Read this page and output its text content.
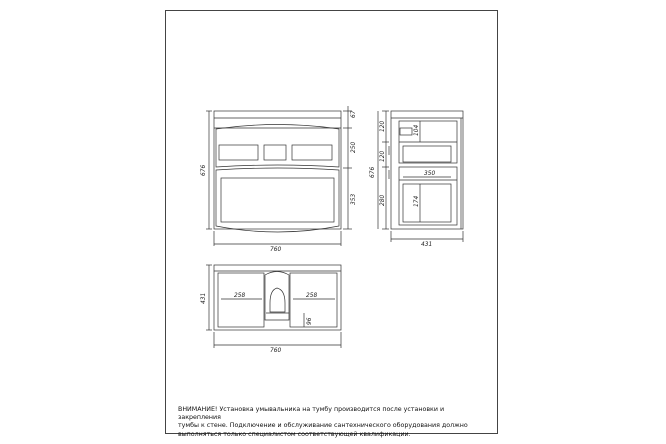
67
250
353
676
760
120	104
120
676
280	174
350
431
431	258	258
96
760
ВНИМАНИЕ! Установка умывальника на тумбу производится после установки и закрепления
тумбы к стене. Подключение и обслуживание сантехнического оборудования должно
выполняться только специалистом соответствующей квалификации.
